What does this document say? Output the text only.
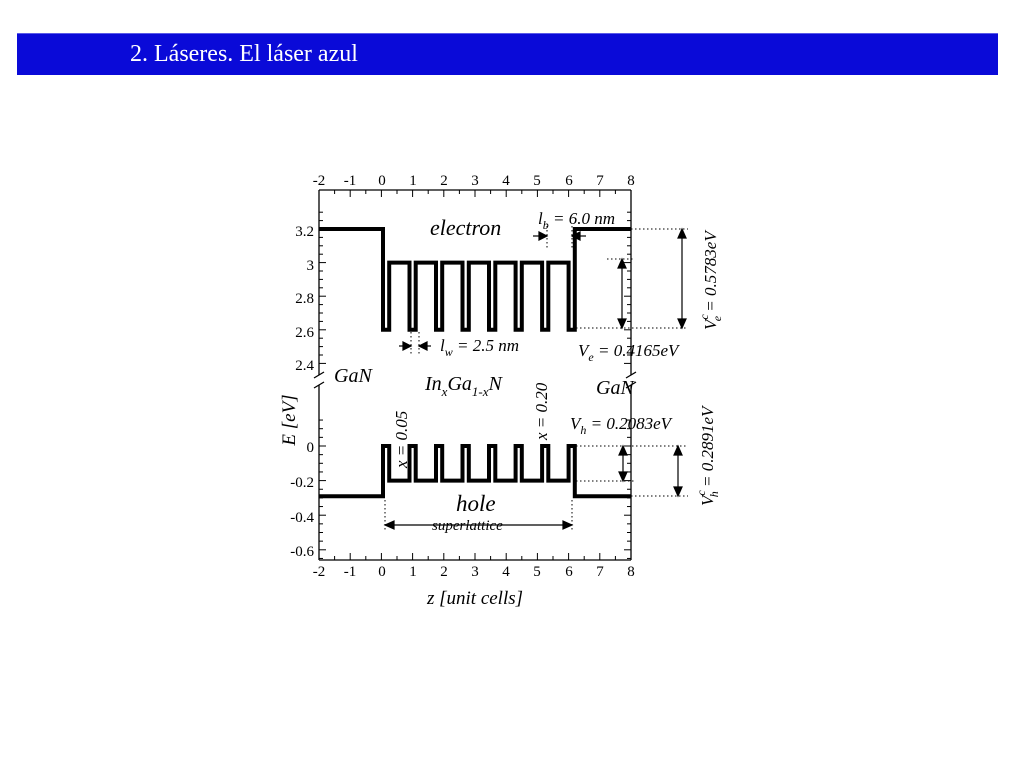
2. Láseres. El láser azul
-2 -1 0 1 2 3 4 5 6 7 8
-2 -1 0 1 2 3 4 5 6 7 8
3.2
3
2.8
2.6
2.4
0
-0.2
-0.4
-0.6
E [eV]
z [unit cells]
electron
hole
superlattice
GaN
GaN
$In_xGa_{1-x}N$
x = 0.05	x = 0.20
$l_b = 6.0$ nm
$l_w = 2.5$ nm	$V_e = 0.4165eV$
$V_h = 0.2083eV$
$V^ce = 0.5783eV$
$V^ch = 0.2891eV$
